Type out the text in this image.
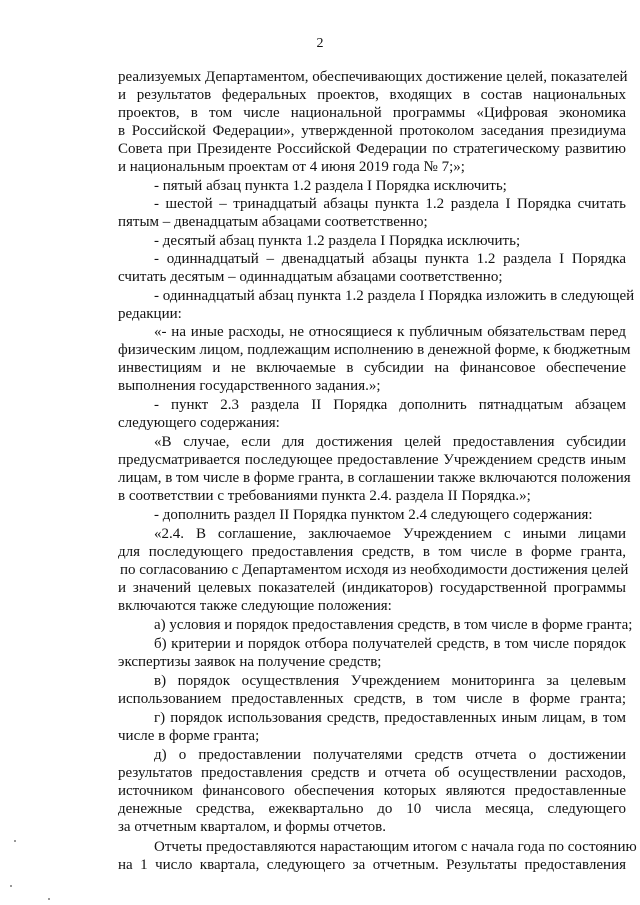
2
реализуемых Департаментом, обеспечивающих достижение целей, показателей
и результатов федеральных проектов, входящих в состав национальных
проектов, в том числе национальной программы «Цифровая экономика
в Российской Федерации», утвержденной протоколом заседания президиума
Совета при Президенте Российской Федерации по стратегическому развитию
и национальным проектам от 4 июня 2019 года № 7;»;
- пятый абзац пункта 1.2 раздела I Порядка исключить;
- шестой – тринадцатый абзацы пункта 1.2 раздела I Порядка считать
пятым – двенадцатым абзацами соответственно;
- десятый абзац пункта 1.2 раздела I Порядка исключить;
- одиннадцатый – двенадцатый абзацы пункта 1.2 раздела I Порядка
считать десятым – одиннадцатым абзацами соответственно;
- одиннадцатый абзац пункта 1.2 раздела I Порядка изложить в следующей
редакции:
«- на иные расходы, не относящиеся к публичным обязательствам перед
физическим лицом, подлежащим исполнению в денежной форме, к бюджетным
инвестициям и не включаемые в субсидии на финансовое обеспечение
выполнения государственного задания.»;
- пункт 2.3 раздела II Порядка дополнить пятнадцатым абзацем
следующего содержания:
«В случае, если для достижения целей предоставления субсидии
предусматривается последующее предоставление Учреждением средств иным
лицам, в том числе в форме гранта, в соглашении также включаются положения
в соответствии с требованиями пункта 2.4. раздела II Порядка.»;
- дополнить раздел II Порядка пунктом 2.4 следующего содержания:
«2.4. В соглашение, заключаемое Учреждением с иными лицами
для последующего предоставления средств, в том числе в форме гранта,
по согласованию с Департаментом исходя из необходимости достижения целей
и значений целевых показателей (индикаторов) государственной программы
включаются также следующие положения:
а) условия и порядок предоставления средств, в том числе в форме гранта;
б) критерии и порядок отбора получателей средств, в том числе порядок
экспертизы заявок на получение средств;
в) порядок осуществления Учреждением мониторинга за целевым
использованием предоставленных средств, в том числе в форме гранта;
г) порядок использования средств, предоставленных иным лицам, в том
числе в форме гранта;
д) о предоставлении получателями средств отчета о достижении
результатов предоставления средств и отчета об осуществлении расходов,
источником финансового обеспечения которых являются предоставленные
денежные средства, ежеквартально до 10 числа месяца, следующего
за отчетным кварталом, и формы отчетов.
Отчеты предоставляются нарастающим итогом с начала года по состоянию
на 1 число квартала, следующего за отчетным. Результаты предоставления
